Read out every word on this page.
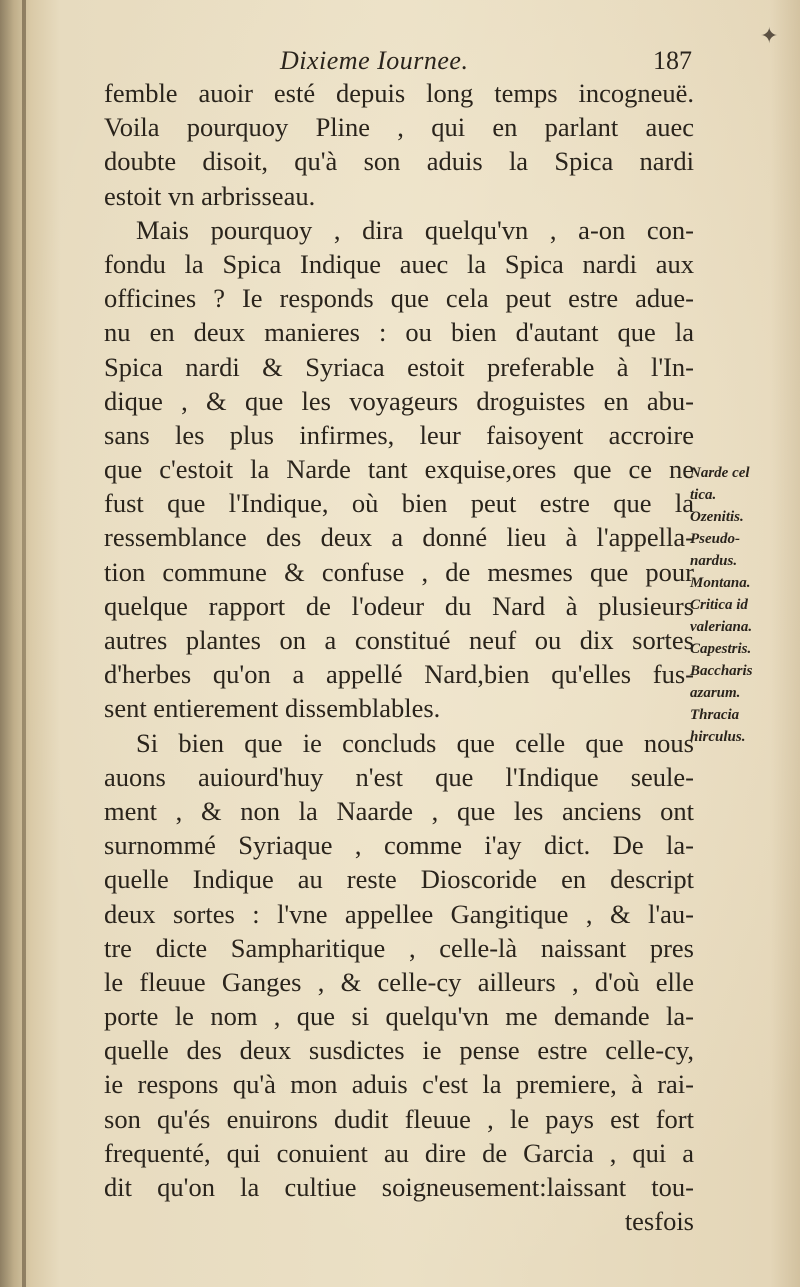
✦
Dixieme Iournee.	187
femble auoir esté depuis long temps incogneuë.
Voila pourquoy Pline , qui en parlant auec
doubte disoit, qu'à son aduis la Spica nardi
estoit vn arbrisseau.
Mais pourquoy , dira quelqu'vn , a-on con-
fondu la Spica Indique auec la Spica nardi aux
officines ? Ie responds que cela peut estre adue-
nu en deux manieres : ou bien d'autant que la
Spica nardi & Syriaca estoit preferable à l'In-
dique , & que les voyageurs droguistes en abu-
sans les plus infirmes, leur faisoyent accroire
que c'estoit la Narde tant exquise,ores que ce ne
fust que l'Indique, où bien peut estre que la
ressemblance des deux a donné lieu à l'appella-
tion commune & confuse , de mesmes que pour
quelque rapport de l'odeur du Nard à plusieurs
autres plantes on a constitué neuf ou dix sortes
d'herbes qu'on a appellé Nard,bien qu'elles fus-
sent entierement dissemblables.
Si bien que ie concluds que celle que nous
auons auiourd'huy n'est que l'Indique seule-
ment , & non la Naarde , que les anciens ont
surnommé Syriaque , comme i'ay dict. De la-
quelle Indique au reste Dioscoride en descript
deux sortes : l'vne appellee Gangitique , & l'au-
tre dicte Sampharitique , celle-là naissant pres
le fleuue Ganges , & celle-cy ailleurs , d'où elle
porte le nom , que si quelqu'vn me demande la-
quelle des deux susdictes ie pense estre celle-cy,
ie respons qu'à mon aduis c'est la premiere, à rai-
son qu'és enuirons dudit fleuue , le pays est fort
frequenté, qui conuient au dire de Garcia , qui a
dit qu'on la cultiue soigneusement:laissant tou-
tesfois
Narde cel
tica.
Ozenitis.
Pseudo-
nardus.
Montana.
Critica id
valeriana.
Capestris.
Baccharis
azarum.
Thracia
hirculus.
